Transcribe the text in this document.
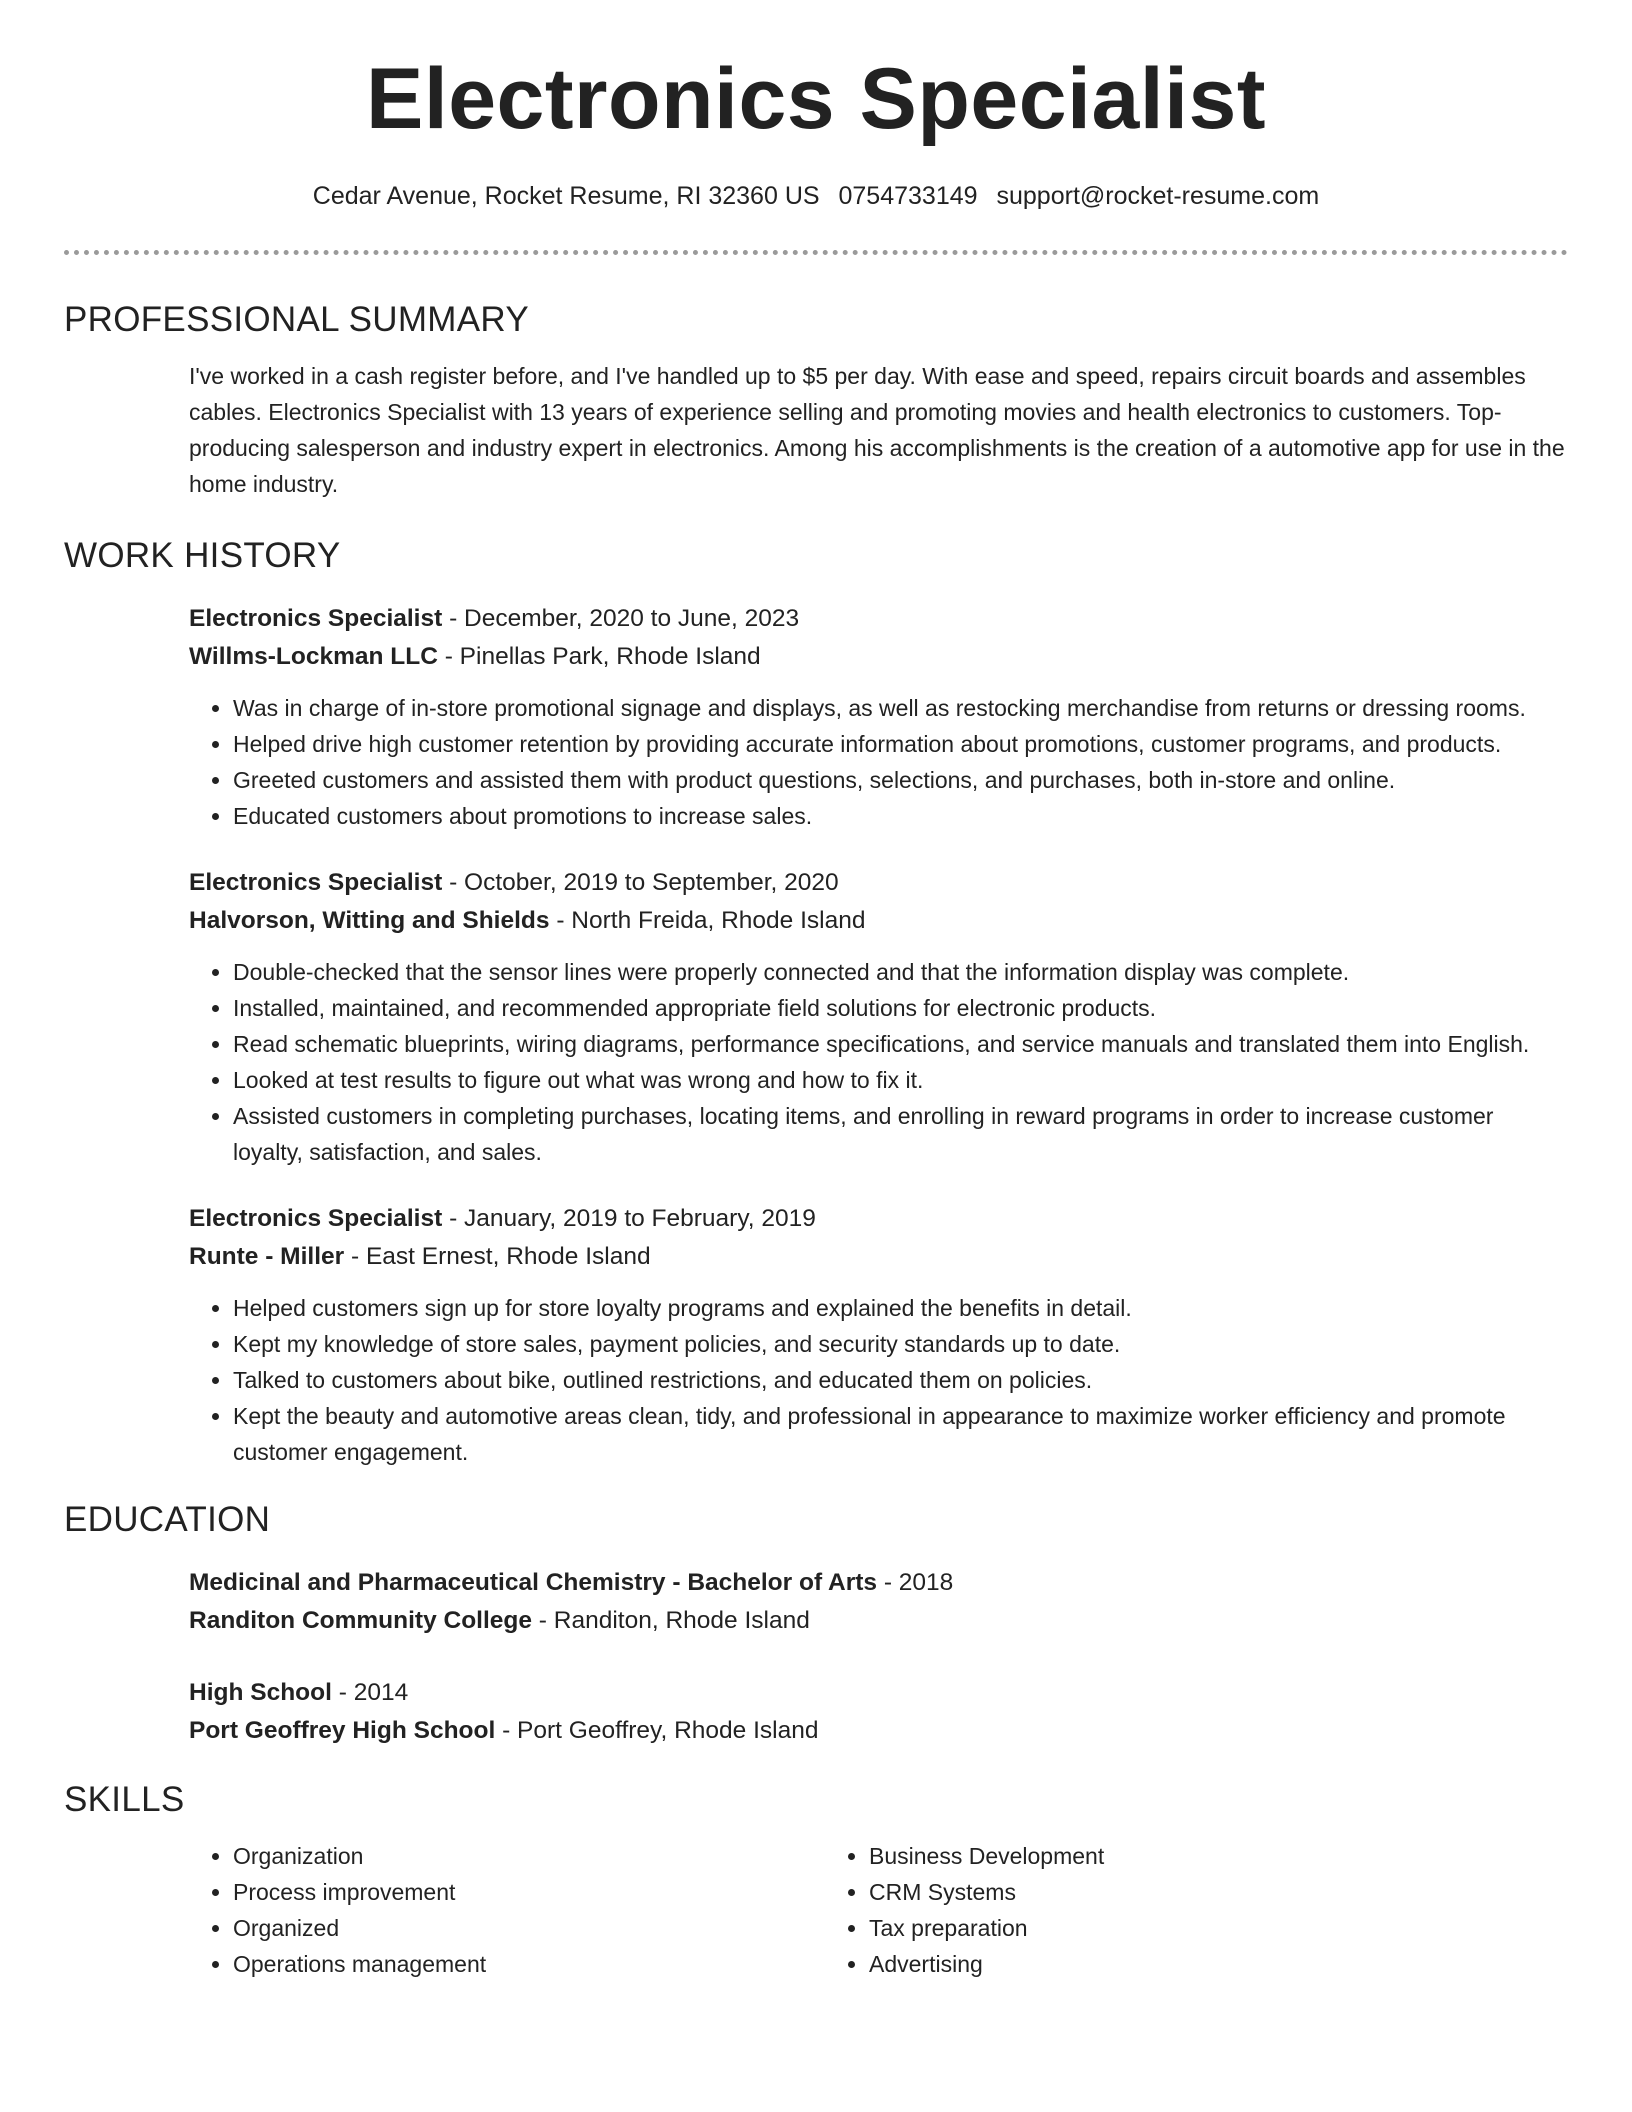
Electronics Specialist
Cedar Avenue, Rocket Resume, RI 32360 US 0754733149 support@rocket-resume.com
PROFESSIONAL SUMMARY
I've worked in a cash register before, and I've handled up to $5 per day. With ease and speed, repairs circuit boards and assembles cables. Electronics Specialist with 13 years of experience selling and promoting movies and health electronics to customers. Top-producing salesperson and industry expert in electronics. Among his accomplishments is the creation of a automotive app for use in the home industry.
WORK HISTORY
Electronics Specialist - December, 2020 to June, 2023
Willms-Lockman LLC - Pinellas Park, Rhode Island
• Was in charge of in-store promotional signage and displays, as well as restocking merchandise from returns or dressing rooms.
• Helped drive high customer retention by providing accurate information about promotions, customer programs, and products.
• Greeted customers and assisted them with product questions, selections, and purchases, both in-store and online.
• Educated customers about promotions to increase sales.
Electronics Specialist - October, 2019 to September, 2020
Halvorson, Witting and Shields - North Freida, Rhode Island
• Double-checked that the sensor lines were properly connected and that the information display was complete.
• Installed, maintained, and recommended appropriate field solutions for electronic products.
• Read schematic blueprints, wiring diagrams, performance specifications, and service manuals and translated them into English.
• Looked at test results to figure out what was wrong and how to fix it.
• Assisted customers in completing purchases, locating items, and enrolling in reward programs in order to increase customer loyalty, satisfaction, and sales.
Electronics Specialist - January, 2019 to February, 2019
Runte - Miller - East Ernest, Rhode Island
• Helped customers sign up for store loyalty programs and explained the benefits in detail.
• Kept my knowledge of store sales, payment policies, and security standards up to date.
• Talked to customers about bike, outlined restrictions, and educated them on policies.
• Kept the beauty and automotive areas clean, tidy, and professional in appearance to maximize worker efficiency and promote customer engagement.
EDUCATION
Medicinal and Pharmaceutical Chemistry - Bachelor of Arts - 2018
Randiton Community College - Randiton, Rhode Island
High School - 2014
Port Geoffrey High School - Port Geoffrey, Rhode Island
SKILLS
• Organization
• Process improvement
• Organized
• Operations management
• Business Development
• CRM Systems
• Tax preparation
• Advertising
